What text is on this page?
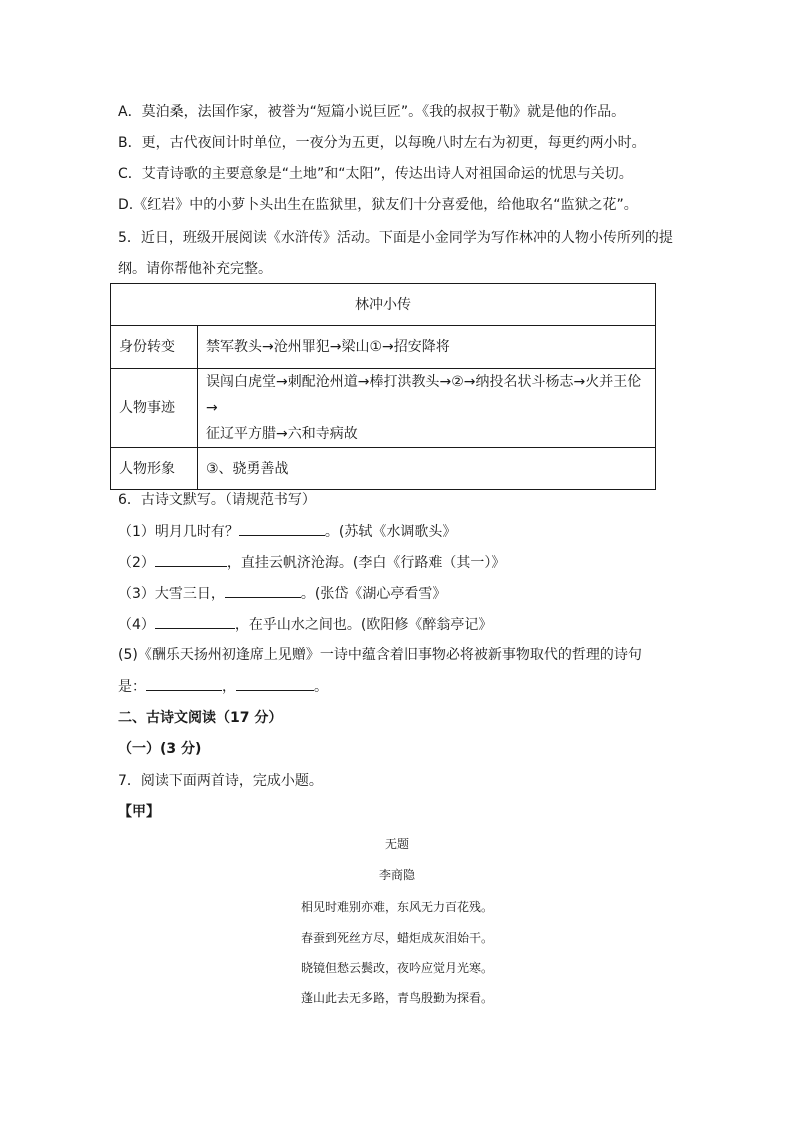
A．莫泊桑，法国作家，被誉为“短篇小说巨匠”。《我的叔叔于勒》就是他的作品。
B．更，古代夜间计时单位，一夜分为五更，以每晚八时左右为初更，每更约两小时。
C．艾青诗歌的主要意象是“土地”和“太阳”，传达出诗人对祖国命运的忧思与关切。
D.《红岩》中的小萝卜头出生在监狱里，狱友们十分喜爱他，给他取名“监狱之花”。
5．近日，班级开展阅读《水浒传》活动。下面是小金同学为写作林冲的人物小传所列的提
纲。请你帮他补充完整。
林冲小传	
身份转变	禁军教头→沧州罪犯→梁山①→招安降将
人物事迹	误闯白虎堂→刺配沧州道→棒打洪教头→②→纳投名状斗杨志→火并王伦→
征辽平方腊→六和寺病故

人物形象	③、骁勇善战
6．古诗文默写。（请规范书写）
（1）明月几时有？	。(苏轼《水调歌头》
（2）	，直挂云帆济沧海。(李白《行路难（其一）》
（3）大雪三日，	。(张岱《湖心亭看雪》
（4）	，在乎山水之间也。(欧阳修《醉翁亭记》
(5)《酬乐天扬州初逢席上见赠》一诗中蕴含着旧事物必将被新事物取代的哲理的诗句
是：	，	。
二、古诗文阅读（17 分）
（一）(3 分)
7．阅读下面两首诗，完成小题。
【甲】
无题
李商隐
相见时难别亦难，东风无力百花残。
春蚕到死丝方尽，蜡炬成灰泪始干。
晓镜但愁云鬓改，夜吟应觉月光寒。
蓬山此去无多路，青鸟殷勤为探看。
